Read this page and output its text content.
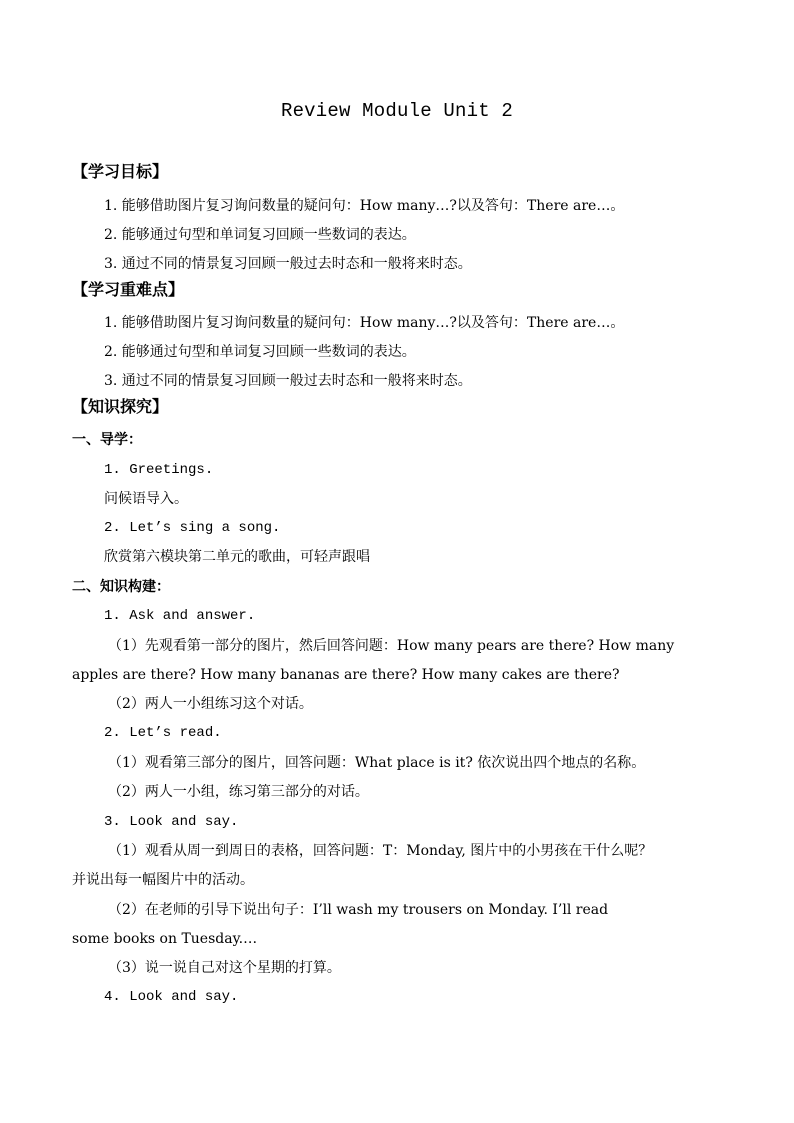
Review Module Unit 2
【学习目标】
1. 能够借助图片复习询问数量的疑问句：How many…?以及答句：There are…。
2. 能够通过句型和单词复习回顾一些数词的表达。
3. 通过不同的情景复习回顾一般过去时态和一般将来时态。
【学习重难点】
1. 能够借助图片复习询问数量的疑问句：How many…?以及答句：There are…。
2. 能够通过句型和单词复习回顾一些数词的表达。
3. 通过不同的情景复习回顾一般过去时态和一般将来时态。
【知识探究】
一、导学：
1. Greetings.
问候语导入。
2. Let’s sing a song.
欣赏第六模块第二单元的歌曲，可轻声跟唱
二、知识构建：
1. Ask and answer.
（1）先观看第一部分的图片，然后回答问题：How many pears are there? How many
apples are there? How many bananas are there? How many cakes are there?
（2）两人一小组练习这个对话。
2. Let’s read.
（1）观看第三部分的图片，回答问题：What place is it? 依次说出四个地点的名称。
（2）两人一小组，练习第三部分的对话。
3. Look and say.
（1）观看从周一到周日的表格，回答问题：T：Monday, 图片中的小男孩在干什么呢？
并说出每一幅图片中的活动。
（2）在老师的引导下说出句子：I’ll wash my trousers on Monday. I’ll read
some books on Tuesday.…
（3）说一说自己对这个星期的打算。
4. Look and say.
